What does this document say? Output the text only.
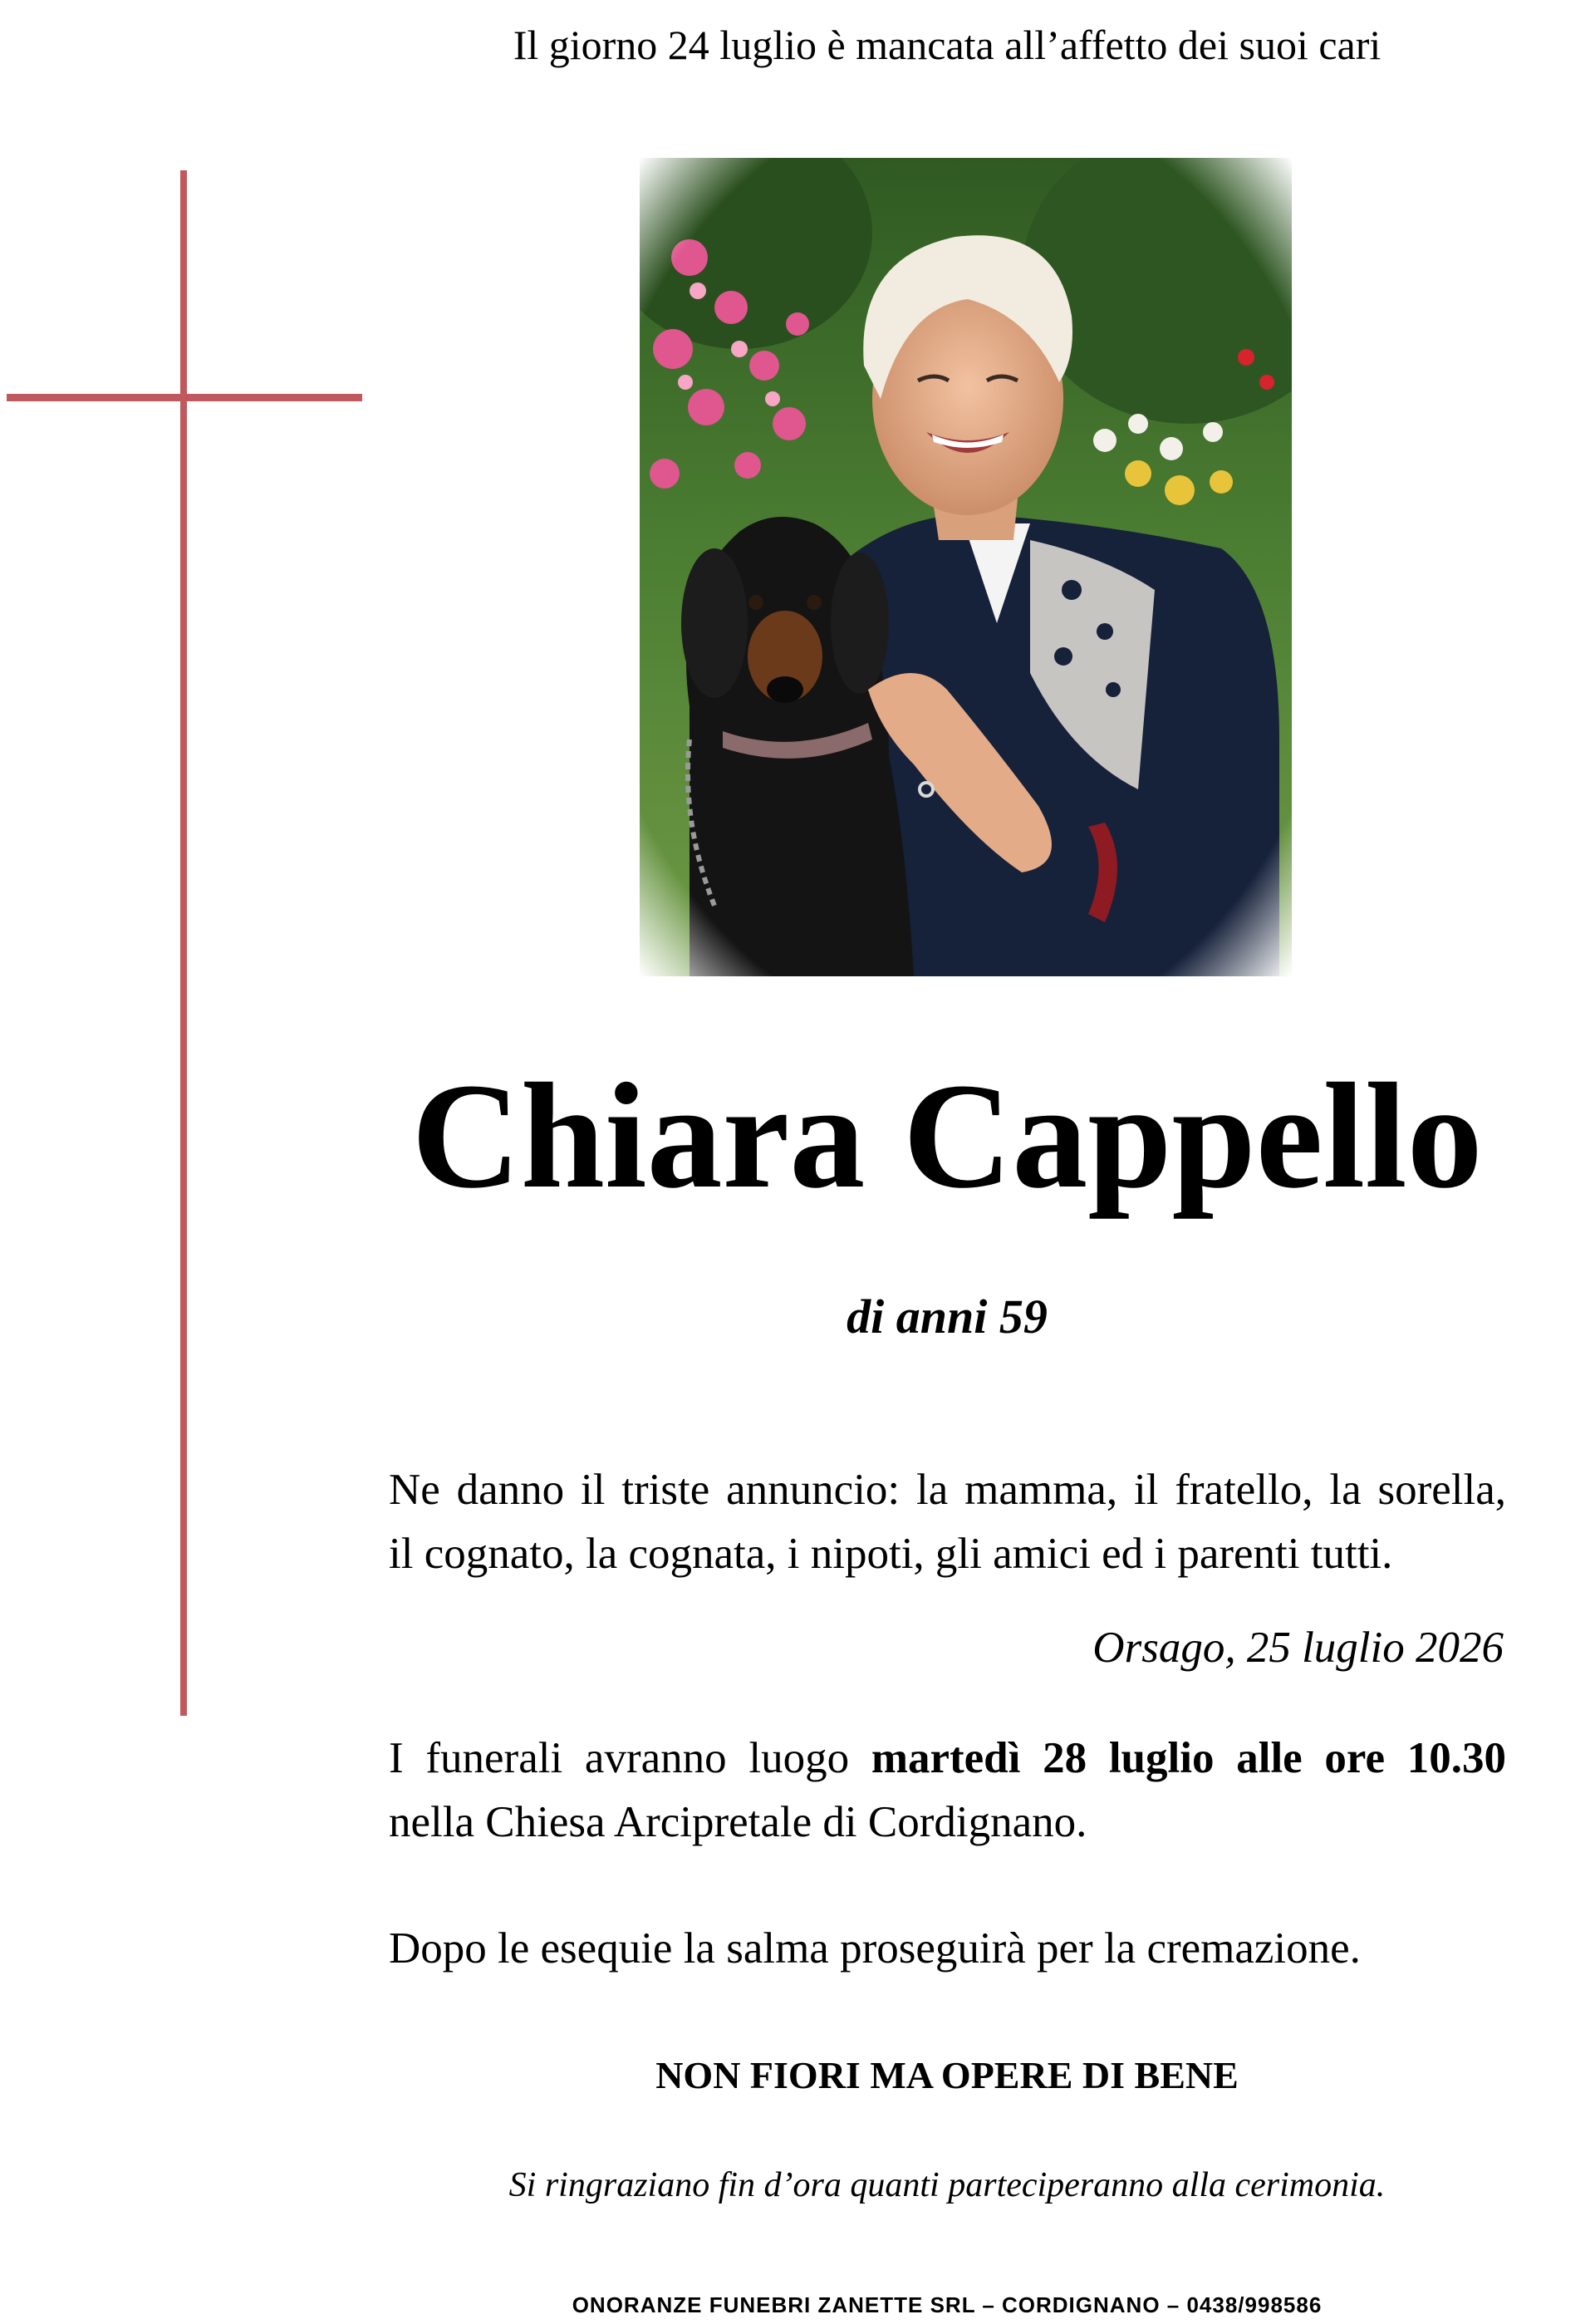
Il giorno 24 luglio è mancata all’affetto dei suoi cari
Chiara Cappello
di anni 59
Ne danno il triste annuncio: la mamma, il fratello, la sorella,
il cognato, la cognata, i nipoti, gli amici ed i parenti tutti.
Orsago, 25 luglio 2026
I funerali avranno luogo martedì 28 luglio alle ore 10.30
nella Chiesa Arcipretale di Cordignano.
Dopo le esequie la salma proseguirà per la cremazione.
NON FIORI MA OPERE DI BENE
Si ringraziano fin d’ora quanti parteciperanno alla cerimonia.
ONORANZE FUNEBRI ZANETTE SRL – CORDIGNANO – 0438/998586
